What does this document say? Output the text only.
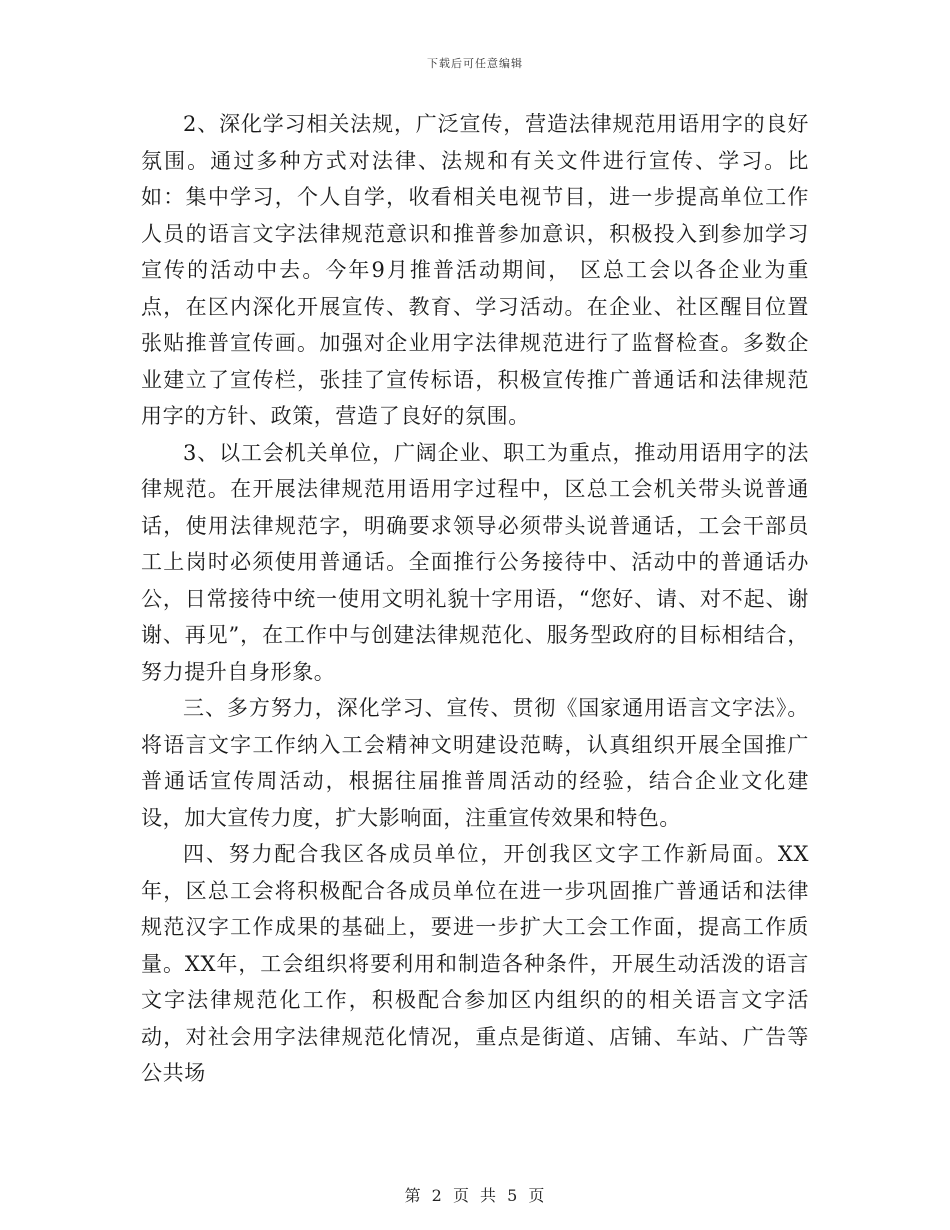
下载后可任意编辑

2、深化学习相关法规，广泛宣传，营造法律规范用语用字的良好氛围。通过多种方式对法律、法规和有关文件进行宣传、学习。比如：集中学习，个人自学，收看相关电视节目，进一步提高单位工作人员的语言文字法律规范意识和推普参加意识，积极投入到参加学习宣传的活动中去。今年9月推普活动期间， 区总工会以各企业为重点，在区内深化开展宣传、教育、学习活动。在企业、社区醒目位置张贴推普宣传画。加强对企业用字法律规范进行了监督检查。多数企业建立了宣传栏，张挂了宣传标语，积极宣传推广普通话和法律规范用字的方针、政策，营造了良好的氛围。

3、以工会机关单位，广阔企业、职工为重点，推动用语用字的法律规范。在开展法律规范用语用字过程中，区总工会机关带头说普通话，使用法律规范字，明确要求领导必须带头说普通话，工会干部员工上岗时必须使用普通话。全面推行公务接待中、活动中的普通话办公，日常接待中统一使用文明礼貌十字用语，“您好、请、对不起、谢谢、再见”，在工作中与创建法律规范化、服务型政府的目标相结合，努力提升自身形象。

三、多方努力，深化学习、宣传、贯彻《国家通用语言文字法》。将语言文字工作纳入工会精神文明建设范畴，认真组织开展全国推广普通话宣传周活动，根据往届推普周活动的经验，结合企业文化建设，加大宣传力度，扩大影响面，注重宣传效果和特色。

四、努力配合我区各成员单位，开创我区文字工作新局面。XX年，区总工会将积极配合各成员单位在进一步巩固推广普通话和法律规范汉字工作成果的基础上，要进一步扩大工会工作面，提高工作质量。XX年，工会组织将要利用和制造各种条件，开展生动活泼的语言文字法律规范化工作，积极配合参加区内组织的的相关语言文字活动，对社会用字法律规范化情况，重点是街道、店铺、车站、广告等公共场

第 2 页 共 5 页
